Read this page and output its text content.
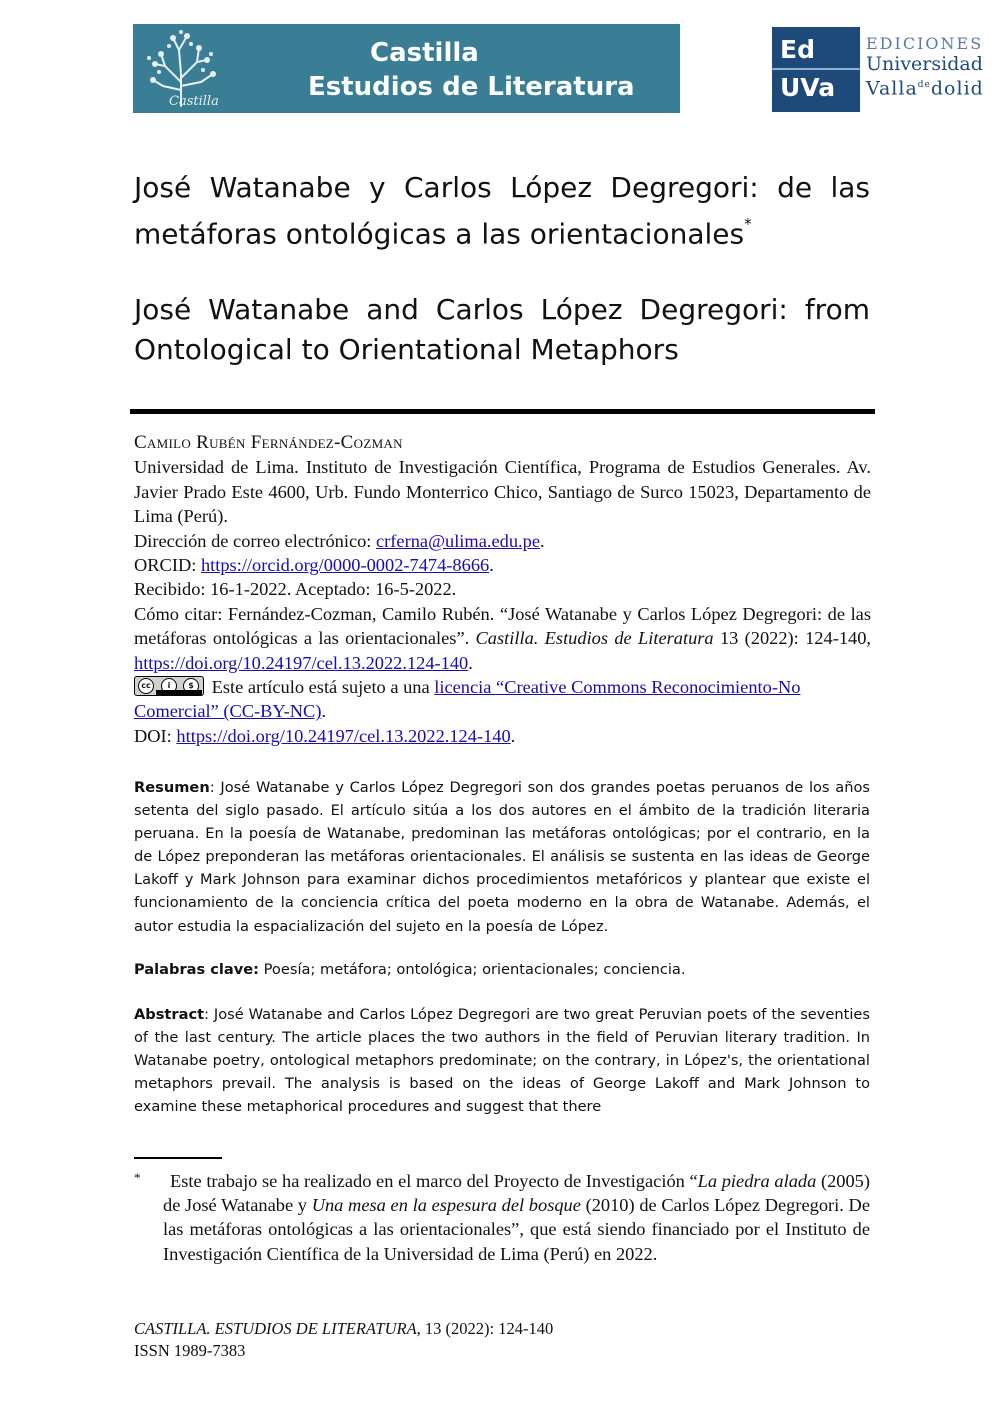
Castilla
Castilla
Estudios de Literatura
Ed
UVa
EDICIONES
Universidad
Valla$^{de}$dolid
José Watanabe y Carlos López Degregori: de las metáforas ontológicas a las orientacionales*
José Watanabe and Carlos López Degregori: from Ontological to Orientational Metaphors
Camilo Rubén Fernández-Cozman
Universidad de Lima. Instituto de Investigación Científica, Programa de Estudios Generales. Av. Javier Prado Este 4600, Urb. Fundo Monterrico Chico, Santiago de Surco 15023, Departamento de Lima (Perú).
Dirección de correo electrónico: crferna@ulima.edu.pe.
ORCID: https://orcid.org/0000-0002-7474-8666.
Recibido: 16-1-2022. Aceptado: 16-5-2022.
Cómo citar: Fernández-Cozman, Camilo Rubén. “José Watanabe y Carlos López Degregori: de las metáforas ontológicas a las orientacionales”. Castilla. Estudios de Literatura 13 (2022): 124-140, https://doi.org/10.24197/cel.13.2022.124-140.
cc	i	$ Este artículo está sujeto a una licencia “Creative Commons Reconocimiento-No Comercial” (CC-BY-NC).
DOI: https://doi.org/10.24197/cel.13.2022.124-140.
Resumen: José Watanabe y Carlos López Degregori son dos grandes poetas peruanos de los años setenta del siglo pasado. El artículo sitúa a los dos autores en el ámbito de la tradición literaria peruana. En la poesía de Watanabe, predominan las metáforas ontológicas; por el contrario, en la de López preponderan las metáforas orientacionales. El análisis se sustenta en las ideas de George Lakoff y Mark Johnson para examinar dichos procedimientos metafóricos y plantear que existe el funcionamiento de la conciencia crítica del poeta moderno en la obra de Watanabe. Además, el autor estudia la espacialización del sujeto en la poesía de López.
Palabras clave: Poesía; metáfora; ontológica; orientacionales; conciencia.
Abstract: José Watanabe and Carlos López Degregori are two great Peruvian poets of the seventies of the last century. The article places the two authors in the field of Peruvian literary tradition. In Watanabe poetry, ontological metaphors predominate; on the contrary, in López's, the orientational metaphors prevail. The analysis is based on the ideas of George Lakoff and Mark Johnson to examine these metaphorical procedures and suggest that there
*	Este trabajo se ha realizado en el marco del Proyecto de Investigación “La piedra alada (2005) de José Watanabe y Una mesa en la espesura del bosque (2010) de Carlos López Degregori. De las metáforas ontológicas a las orientacionales”, que está siendo financiado por el Instituto de Investigación Científica de la Universidad de Lima (Perú) en 2022.
CASTILLA. ESTUDIOS DE LITERATURA, 13 (2022): 124-140
ISSN 1989-7383
